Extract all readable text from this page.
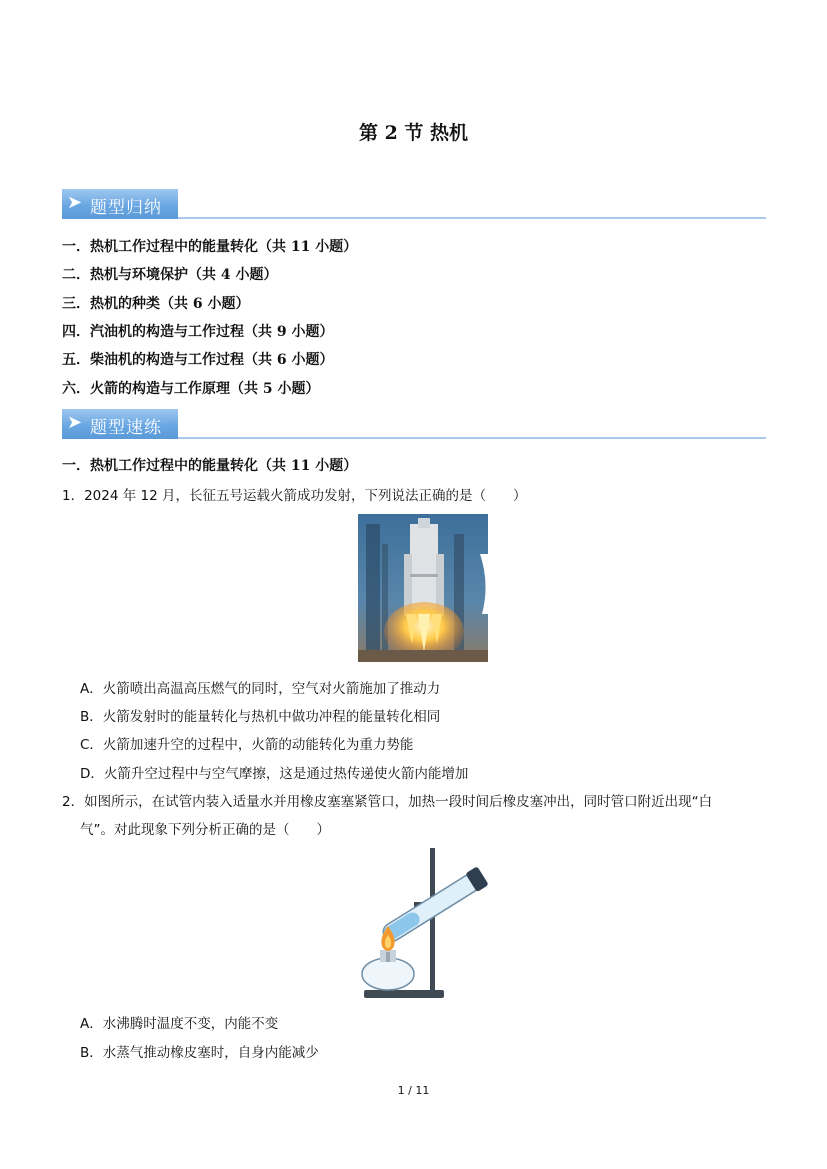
第 2 节 热机
➤ 题型归纳
一．热机工作过程中的能量转化（共 11 小题）
二．热机与环境保护（共 4 小题）
三．热机的种类（共 6 小题）
四．汽油机的构造与工作过程（共 9 小题）
五．柴油机的构造与工作过程（共 6 小题）
六．火箭的构造与工作原理（共 5 小题）
➤ 题型速练
一．热机工作过程中的能量转化（共 11 小题）
1．2024 年 12 月，长征五号运载火箭成功发射，下列说法正确的是（　　）
A．火箭喷出高温高压燃气的同时，空气对火箭施加了推动力
B．火箭发射时的能量转化与热机中做功冲程的能量转化相同
C．火箭加速升空的过程中，火箭的动能转化为重力势能
D．火箭升空过程中与空气摩擦，这是通过热传递使火箭内能增加
2．如图所示，在试管内装入适量水并用橡皮塞塞紧管口，加热一段时间后橡皮塞冲出，同时管口附近出现“白
气”。对此现象下列分析正确的是（　　）
A．水沸腾时温度不变，内能不变
B．水蒸气推动橡皮塞时，自身内能减少
1 / 11
